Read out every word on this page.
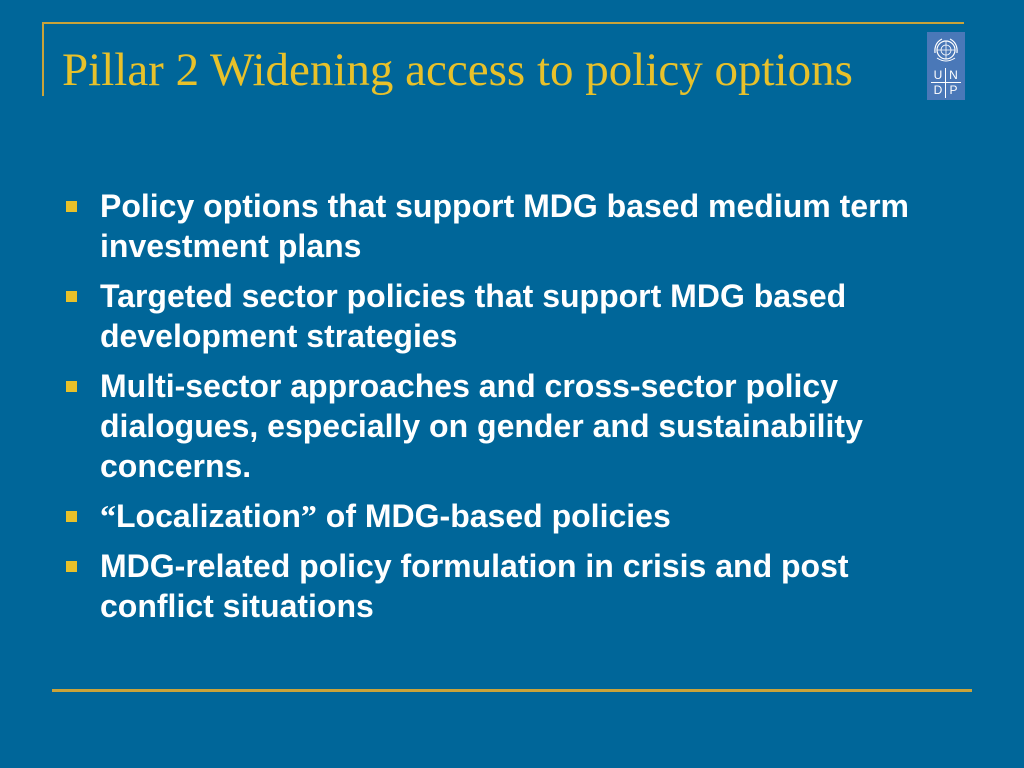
Pillar 2 Widening access to policy options	U N
D P
Policy options that support MDG based medium term investment plans
Targeted sector policies that support MDG based development strategies
Multi-sector approaches and cross-sector policy dialogues, especially on gender and sustainability concerns.
“Localization” of MDG-based policies
MDG-related policy formulation in crisis and post conflict situations
